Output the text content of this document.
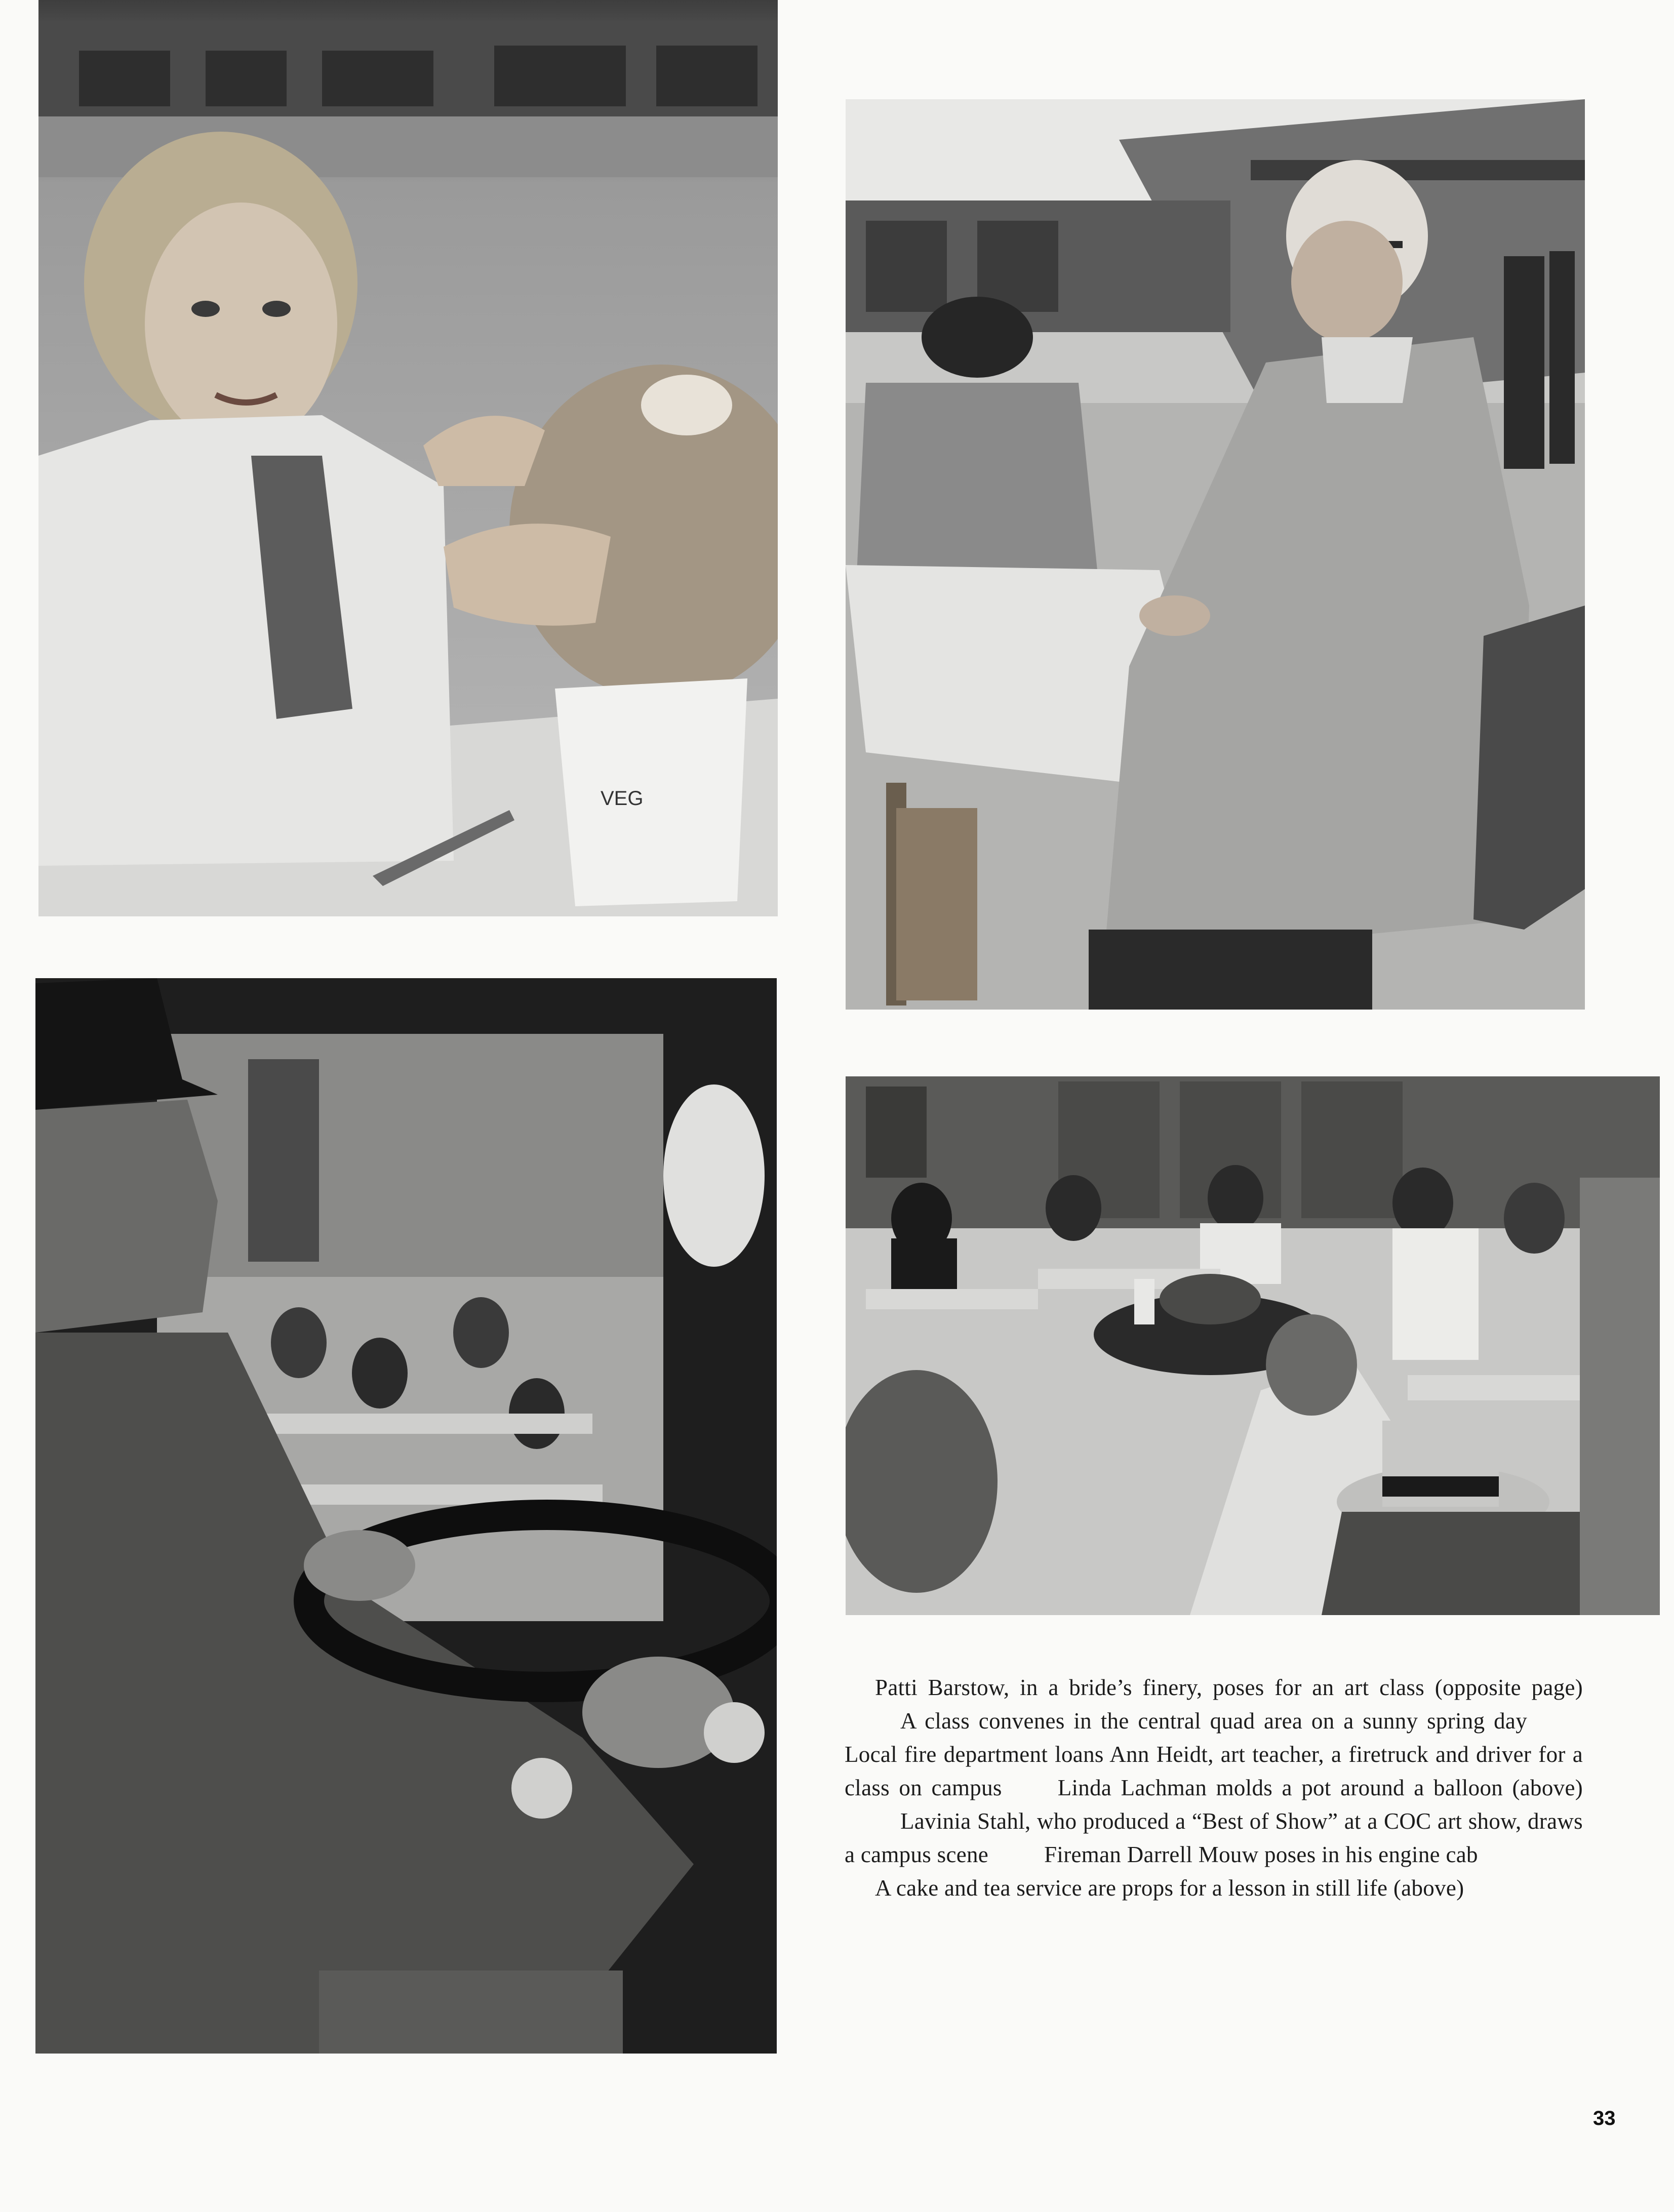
VEG
Patti Barstow, in a bride’s finery, poses for an art class (opposite page)A class convenes in the central quad area on a sunny spring dayLocal fire department loans Ann Heidt, art teacher, a firetruck and driver for a class on campus Linda Lachman molds a pot around a balloon (above)Lavinia Stahl, who produced a “Best of Show” at a COC art show, draws a campus scene Fireman Darrell Mouw poses in his engine cab
A cake and tea service are props for a lesson in still life (above)
33
